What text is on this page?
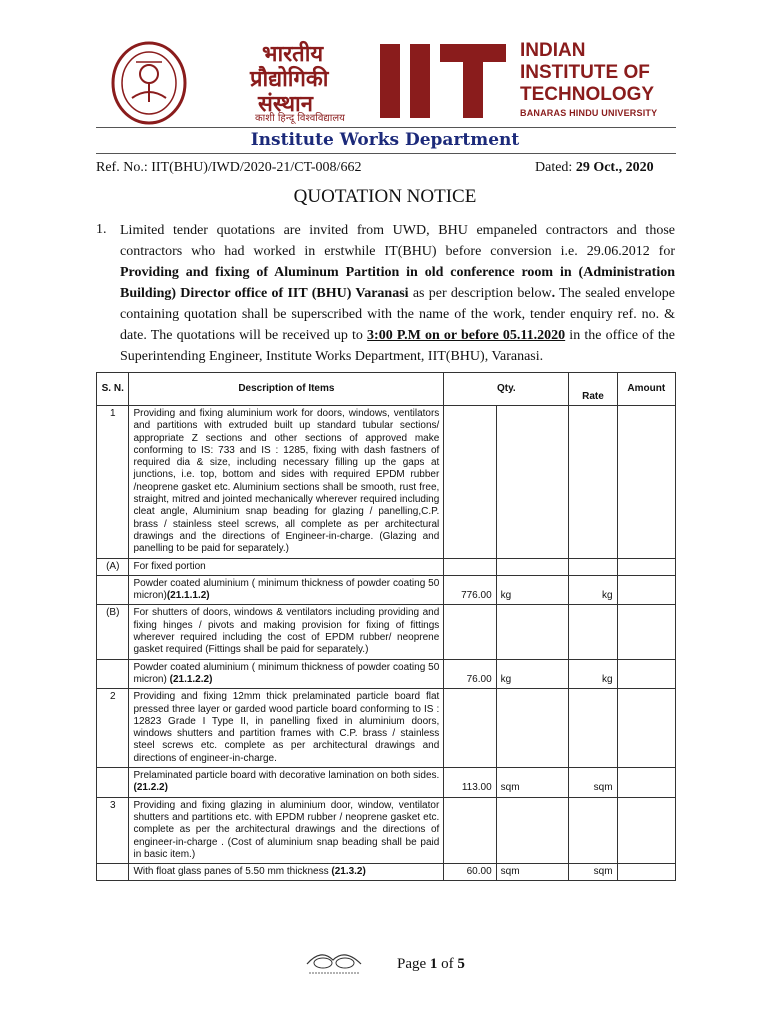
भारतीय
प्रौद्योगिकी
संस्थान
काशी हिन्दू विश्वविद्यालय
INDIAN
INSTITUTE OF
TECHNOLOGY
BANARAS HINDU UNIVERSITY
Institute Works Department
Ref. No.: IIT(BHU)/IWD/2020-21/CT-008/662	Dated: 29 Oct., 2020
QUOTATION NOTICE
1. Limited tender quotations are invited from UWD, BHU empaneled contractors and those contractors who had worked in erstwhile IT(BHU) before conversion i.e. 29.06.2012 for Providing and fixing of Aluminum Partition in old conference room in (Administration Building) Director office of IIT (BHU) Varanasi as per description below. The sealed envelope containing quotation shall be superscribed with the name of the work, tender enquiry ref. no. & date. The quotations will be received up to 3:00 P.M on or before 05.11.2020 in the office of the Superintending Engineer, Institute Works Department, IIT(BHU), Varanasi.
S. N.	Description of Items	Qty.		Rate	Amount
1	Providing and fixing aluminium work for doors, windows, ventilators and partitions with extruded built up standard tubular sections/ appropriate Z sections and other sections of approved make conforming to IS: 733 and IS : 1285, fixing with dash fastners of required dia & size, including necessary filling up the gaps at junctions, i.e. top, bottom and sides with required EPDM rubber /neoprene gasket etc. Aluminium sections shall be smooth, rust free, straight, mitred and jointed mechanically wherever required including cleat angle, Aluminium snap beading for glazing / panelling,C.P. brass / stainless steel screws, all complete as per architectural drawings and the directions of Engineer-in-charge. (Glazing and panelling to be paid for separately.)				
(A)	For fixed portion				
	Powder coated aluminium ( minimum thickness of powder coating 50 micron)(21.1.1.2)	776.00	kg	kg	
(B)	For shutters of doors, windows & ventilators including providing and fixing hinges / pivots and making provision for fixing of fittings wherever required including the cost of EPDM rubber/ neoprene gasket required (Fittings shall be paid for separately.)				
	Powder coated aluminium ( minimum thickness of powder coating 50 micron) (21.1.2.2)	76.00	kg	kg	
2	Providing and fixing 12mm thick prelaminated particle board flat pressed three layer or garded wood particle board conforming to IS : 12823 Grade I Type II, in panelling fixed in aluminium doors, windows shutters and partition frames with C.P. brass / stainless steel screws etc. complete as per architectural drawings and directions of engineer-in-charge.				
	Prelaminated particle board with decorative lamination on both sides. (21.2.2)	113.00	sqm	sqm	
3	Providing and fixing glazing in aluminium door, window, ventilator shutters and partitions etc. with EPDM rubber / neoprene gasket etc. complete as per the architectural drawings and the directions of engineer-in-charge . (Cost of aluminium snap beading shall be paid in basic item.)				
	With float glass panes of 5.50 mm thickness (21.3.2)	60.00	sqm	sqm	
Page 1 of 5
